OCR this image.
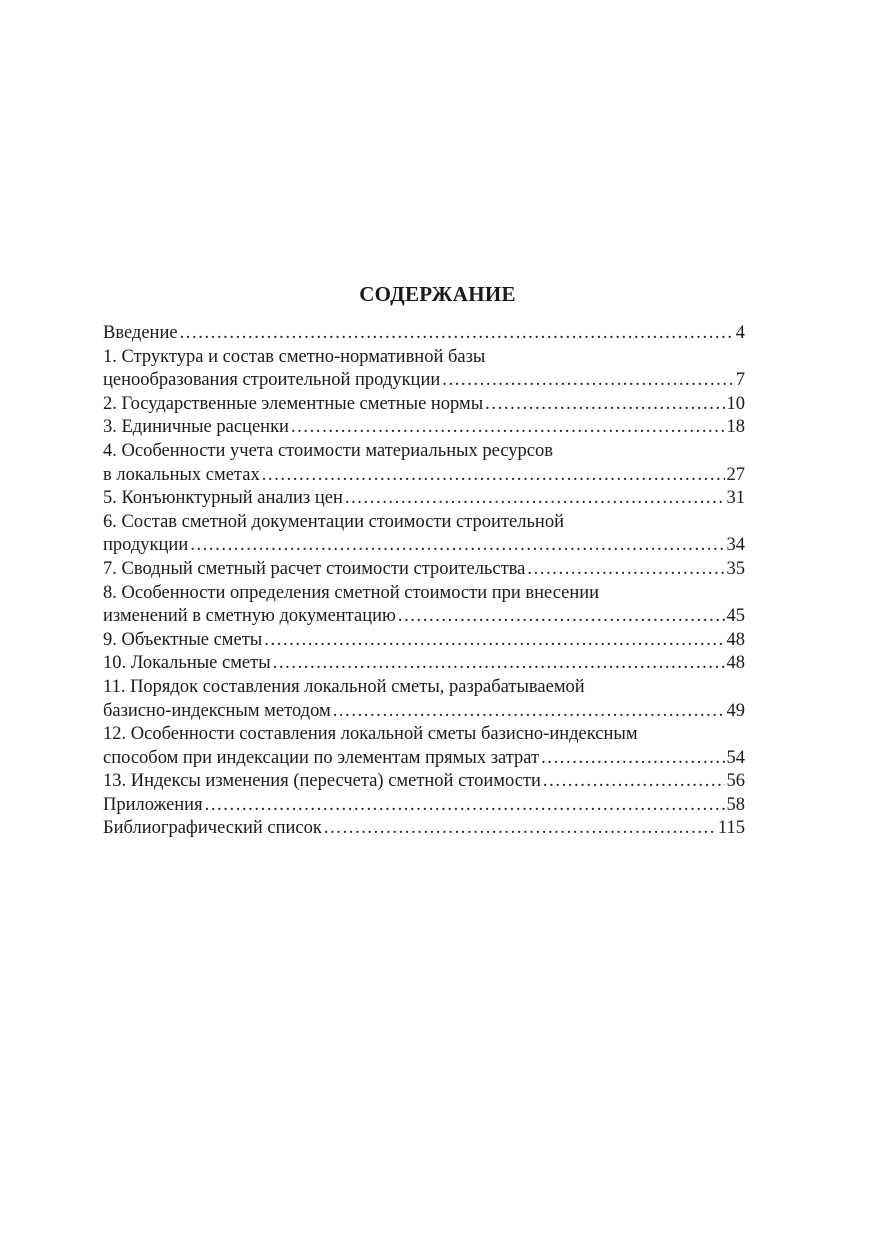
СОДЕРЖАНИЕ
Введение .....	4
1. Структура и состав сметно-нормативной базы
ценообразования строительной продукции .....	7
2. Государственные элементные сметные нормы .....	10
3. Единичные расценки .....	18
4. Особенности учета стоимости материальных ресурсов
в локальных сметах .....	27
5. Конъюнктурный анализ цен .....	31
6. Состав сметной документации стоимости строительной
продукции .....	34
7. Сводный сметный расчет стоимости строительства .....	35
8. Особенности определения сметной стоимости при внесении
изменений в сметную документацию .....	45
9. Объектные сметы .....	48
10. Локальные сметы .....	48
11. Порядок составления локальной сметы, разрабатываемой
базисно-индексным методом .....	49
12. Особенности составления локальной сметы базисно-индексным
способом при индексации по элементам прямых затрат .....	54
13. Индексы изменения (пересчета) сметной стоимости .....	56
Приложения .....	58
Библиографический список .....	115
